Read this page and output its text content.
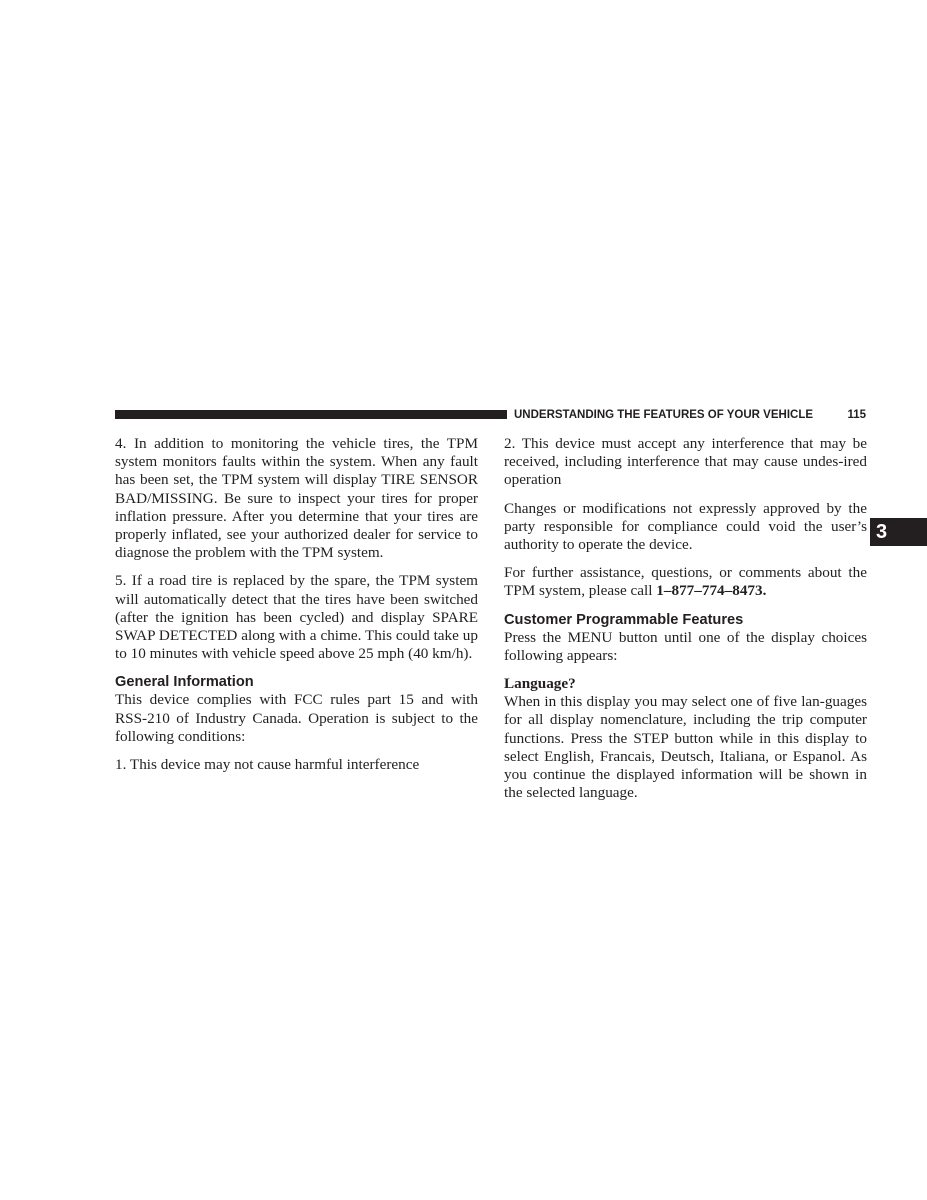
UNDERSTANDING THE FEATURES OF YOUR VEHICLE	115
3

4. In addition to monitoring the vehicle tires, the TPM system monitors faults within the system. When any fault has been set, the TPM system will display TIRE SENSOR BAD/MISSING. Be sure to inspect your tires for proper inflation pressure. After you determine that your tires are properly inflated, see your authorized dealer for service to diagnose the problem with the TPM system.

5. If a road tire is replaced by the spare, the TPM system will automatically detect that the tires have been switched (after the ignition has been cycled) and display SPARE SWAP DETECTED along with a chime. This could take up to 10 minutes with vehicle speed above 25 mph (40 km/h).

General Information

This device complies with FCC rules part 15 and with RSS-210 of Industry Canada. Operation is subject to the following conditions:

1. This device may not cause harmful interference

2. This device must accept any interference that may be received, including interference that may cause undes-ired operation

Changes or modifications not expressly approved by the party responsible for compliance could void the user’s authority to operate the device.

For further assistance, questions, or comments about the TPM system, please call 1–877–774–8473.

Customer Programmable Features

Press the MENU button until one of the display choices following appears:

Language?

When in this display you may select one of five lan-guages for all display nomenclature, including the trip computer functions. Press the STEP button while in this display to select English, Francais, Deutsch, Italiana, or Espanol. As you continue the displayed information will be shown in the selected language.
